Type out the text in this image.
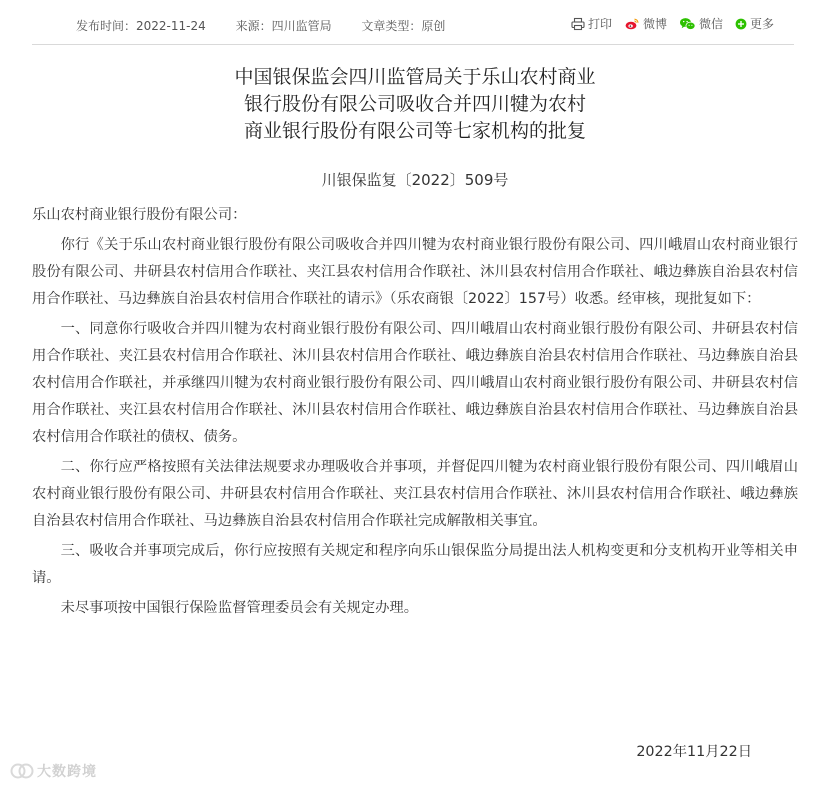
发布时间：2022-11-24 来源：四川监管局 文章类型：原创	打印	微博	微信 更多
中国银保监会四川监管局关于乐山农村商业
银行股份有限公司吸收合并四川犍为农村
商业银行股份有限公司等七家机构的批复
川银保监复〔2022〕509号

乐山农村商业银行股份有限公司：

你行《关于乐山农村商业银行股份有限公司吸收合并四川犍为农村商业银行股份有限公司、四川峨眉山农村商业银行股份有限公司、井研县农村信用合作联社、夹江县农村信用合作联社、沐川县农村信用合作联社、峨边彝族自治县农村信用合作联社、马边彝族自治县农村信用合作联社的请示》（乐农商银〔2022〕157号）收悉。经审核，现批复如下：

一、同意你行吸收合并四川犍为农村商业银行股份有限公司、四川峨眉山农村商业银行股份有限公司、井研县农村信用合作联社、夹江县农村信用合作联社、沐川县农村信用合作联社、峨边彝族自治县农村信用合作联社、马边彝族自治县农村信用合作联社，并承继四川犍为农村商业银行股份有限公司、四川峨眉山农村商业银行股份有限公司、井研县农村信用合作联社、夹江县农村信用合作联社、沐川县农村信用合作联社、峨边彝族自治县农村信用合作联社、马边彝族自治县农村信用合作联社的债权、债务。

二、你行应严格按照有关法律法规要求办理吸收合并事项，并督促四川犍为农村商业银行股份有限公司、四川峨眉山农村商业银行股份有限公司、井研县农村信用合作联社、夹江县农村信用合作联社、沐川县农村信用合作联社、峨边彝族自治县农村信用合作联社、马边彝族自治县农村信用合作联社完成解散相关事宜。

三、吸收合并事项完成后，你行应按照有关规定和程序向乐山银保监分局提出法人机构变更和分支机构开业等相关申请。

未尽事项按中国银行保险监督管理委员会有关规定办理。

2022年11月22日
大数跨境
